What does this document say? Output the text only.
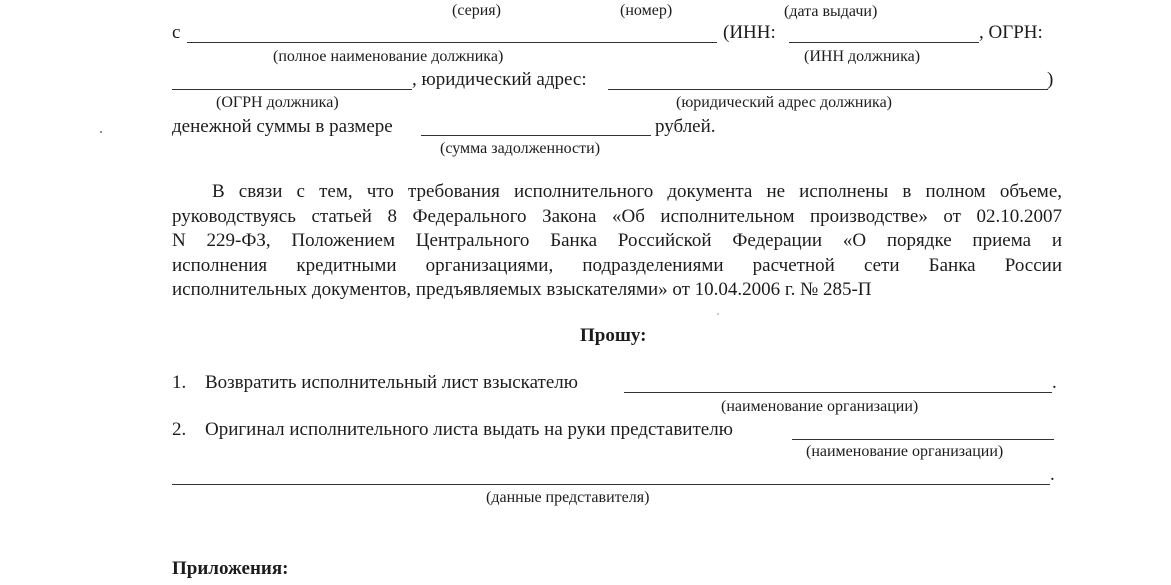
(серия)	(номер)	(дата выдачи)
с	(ИНН:	, ОГРН:
(полное наименование должника)	(ИНН должника)
, юридический адрес:	)
(ОГРН должника)	(юридический адрес должника)
денежной суммы в размере	рублей.
(сумма задолженности)
В связи с тем, что требования исполнительного документа не исполнены в полном объеме,
руководствуясь статьей 8 Федерального Закона «Об исполнительном производстве» от 02.10.2007
N 229-ФЗ, Положением Центрального Банка Российской Федерации «О порядке приема и
исполнения кредитными организациями, подразделениями расчетной сети Банка России
исполнительных документов, предъявляемых взыскателями» от 10.04.2006 г. № 285-П
Прошу:
1. Возвратить исполнительный лист взыскателю	.
(наименование организации)
2. Оригинал исполнительного листа выдать на руки представителю
(наименование организации)
.
(данные представителя)
Приложения:
